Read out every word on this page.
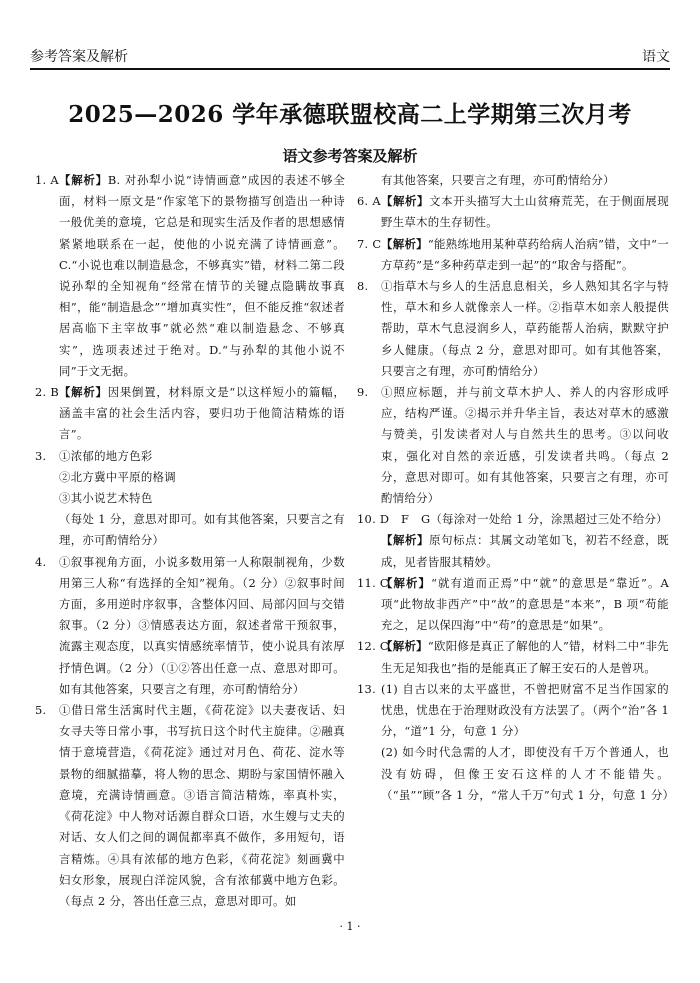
参考答案及解析	语文
2025—2026 学年承德联盟校高二上学期第三次月考
语文参考答案及解析

1. A 【解析】B. 对孙犁小说“诗情画意”成因的表述不够全面，材料一原文是“作家笔下的景物描写创造出一种诗一般优美的意境，它总是和现实生活及作者的思想感情紧紧地联系在一起，使他的小说充满了诗情画意”。C.“小说也难以制造悬念，不够真实”错，材料二第二段说孙犁的全知视角“经常在情节的关键点隐瞒故事真相”，能“制造悬念”“增加真实性”，但不能反推“叙述者居高临下主宰故事”就必然“难以制造悬念、不够真实”，选项表述过于绝对。D.“与孙犁的其他小说不同”于文无据。

2. B 【解析】因果倒置，材料原文是“以这样短小的篇幅，涵盖丰富的社会生活内容，要归功于他简洁精炼的语言”。

3. ①浓郁的地方色彩

②北方冀中平原的格调

③其小说艺术特色

（每处 1 分，意思对即可。如有其他答案，只要言之有理，亦可酌情给分）

4. ①叙事视角方面，小说多数用第一人称限制视角，少数用第三人称“有选择的全知”视角。（2 分）②叙事时间方面，多用逆时序叙事，含整体闪回、局部闪回与交错叙事。（2 分）③情感表达方面，叙述者常干预叙事，流露主观态度，以真实情感统率情节，使小说具有浓厚抒情色调。（2 分）（①②答出任意一点、意思对即可。如有其他答案，只要言之有理，亦可酌情给分）

5. ①借日常生活寓时代主题，《荷花淀》以夫妻夜话、妇女寻夫等日常小事，书写抗日这个时代主旋律。②融真情于意境营造，《荷花淀》通过对月色、荷花、淀水等景物的细腻描摹，将人物的思念、期盼与家国情怀融入意境，充满诗情画意。③语言简洁精炼，率真朴实，《荷花淀》中人物对话源自群众口语，水生嫂与丈夫的对话、女人们之间的调侃都率真不做作，多用短句，语言精炼。④具有浓郁的地方色彩，《荷花淀》刻画冀中妇女形象，展现白洋淀风貌，含有浓郁冀中地方色彩。（每点 2 分，答出任意三点，意思对即可。如

有其他答案，只要言之有理，亦可酌情给分）

6. A 【解析】文本开头描写大土山贫瘠荒芜，在于侧面展现野生草木的生存韧性。

7. C 【解析】“能熟练地用某种草药给病人治病”错，文中“一方草药”是“多种药草走到一起”的“取舍与搭配”。

8. ①指草木与乡人的生活息息相关，乡人熟知其名字与特性，草木和乡人就像亲人一样。②指草木如亲人般提供帮助，草木气息浸润乡人，草药能帮人治病，默默守护乡人健康。（每点 2 分，意思对即可。如有其他答案，只要言之有理，亦可酌情给分）

9. ①照应标题，并与前文草木护人、养人的内容形成呼应，结构严谨。②揭示并升华主旨，表达对草木的感激与赞美，引发读者对人与自然共生的思考。③以问收束，强化对自然的亲近感，引发读者共鸣。（每点 2 分，意思对即可。如有其他答案，只要言之有理，亦可酌情给分）

10. D　F　G（每涂对一处给 1 分，涂黑超过三处不给分）

【解析】原句标点：其属文动笔如飞，初若不经意，既成，见者皆服其精妙。

11. C
【解析】“就有道而正焉”中“就”的意思是“靠近”。A 项“此物故非西产”中“故”的意思是“本来”，B 项“苟能充之，足以保四海”中“苟”的意思是“如果”。

12. C
【解析】“欧阳修是真正了解他的人”错，材料二中“非先生无足知我也”指的是能真正了解王安石的人是曾巩。

13. (1) 自古以来的太平盛世，不曾把财富不足当作国家的忧患，忧患在于治理财政没有方法罢了。（两个“治”各 1 分，“道”1 分，句意 1 分）

(2) 如今时代急需的人才，即使没有千万个普通人，也没有妨碍，但像王安石这样的人才不能错失。（“虽”“顾”各 1 分，“常人千万”句式 1 分，句意 1 分）

· 1 ·
